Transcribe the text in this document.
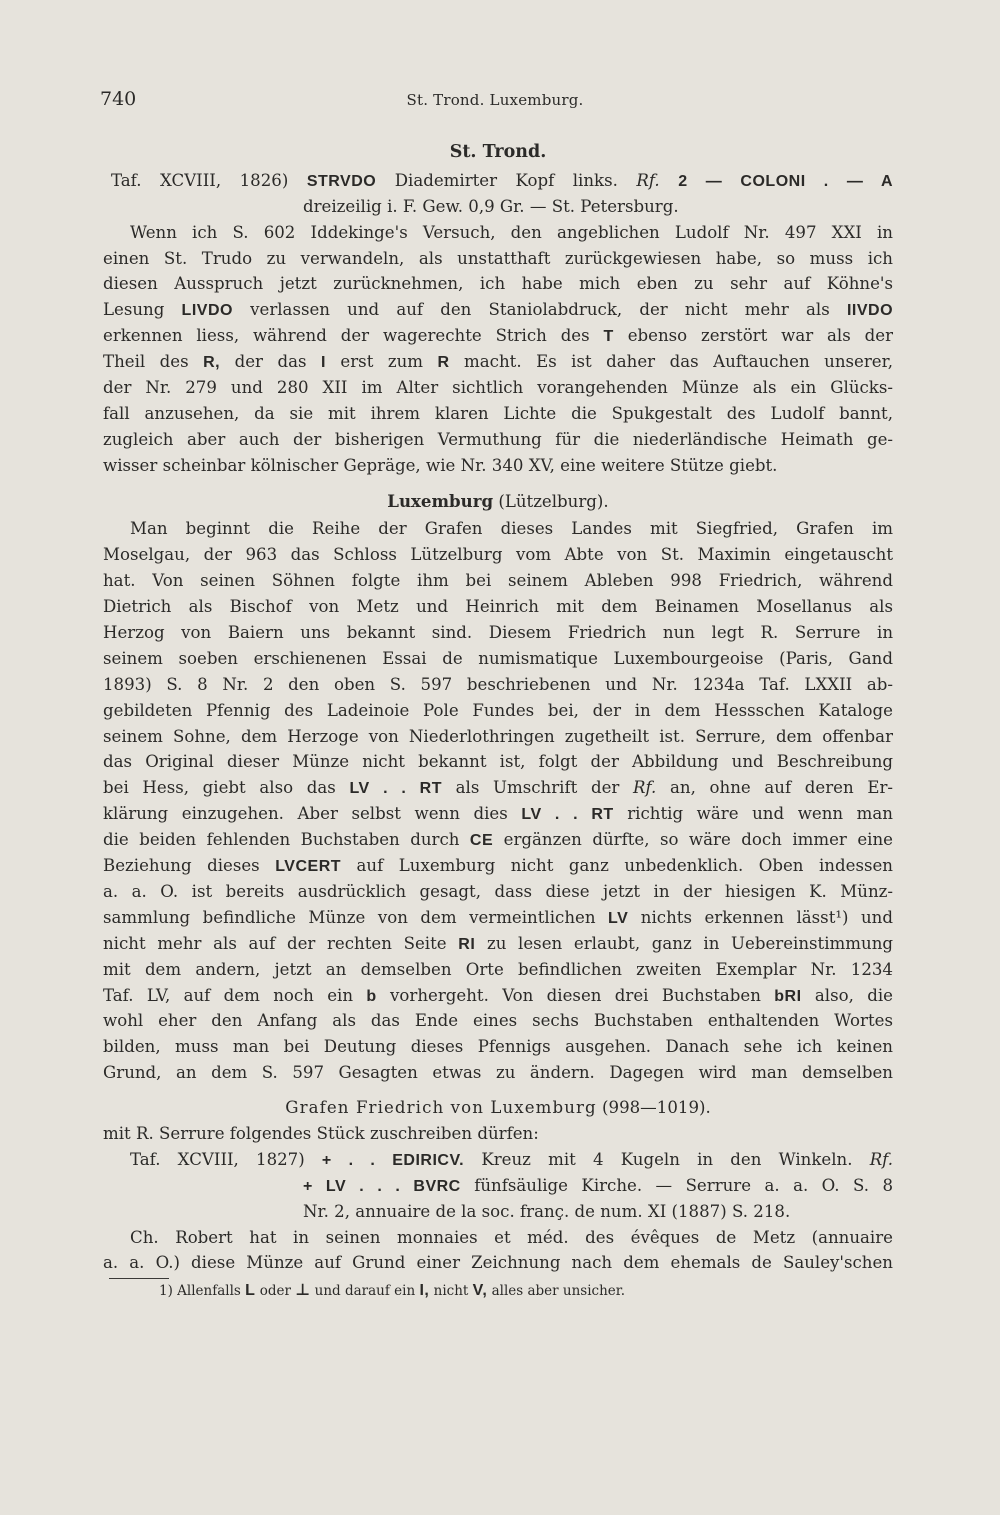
740	St. Trond. Luxemburg.
St. Trond.
Taf. XCVIII, 1826) STRVDO Diademirter Kopf links. Rf. 2 — COLONI . — A
dreizeilig i. F. Gew. 0,9 Gr. — St. Petersburg.
Wenn ich S. 602 Iddekinge's Versuch, den angeblichen Ludolf Nr. 497 XXI in
einen St. Trudo zu verwandeln, als unstatthaft zurückgewiesen habe, so muss ich
diesen Ausspruch jetzt zurücknehmen, ich habe mich eben zu sehr auf Köhne's
Lesung LIVDO verlassen und auf den Staniolabdruck, der nicht mehr als IIVDO
erkennen liess, während der wagerechte Strich des T ebenso zerstört war als der
Theil des R, der das I erst zum R macht. Es ist daher das Auftauchen unserer,
der Nr. 279 und 280 XII im Alter sichtlich vorangehenden Münze als ein Glücks-
fall anzusehen, da sie mit ihrem klaren Lichte die Spukgestalt des Ludolf bannt,
zugleich aber auch der bisherigen Vermuthung für die niederländische Heimath ge-
wisser scheinbar kölnischer Gepräge, wie Nr. 340 XV, eine weitere Stütze giebt.
Luxemburg (Lützelburg).
Man beginnt die Reihe der Grafen dieses Landes mit Siegfried, Grafen im
Moselgau, der 963 das Schloss Lützelburg vom Abte von St. Maximin eingetauscht
hat. Von seinen Söhnen folgte ihm bei seinem Ableben 998 Friedrich, während
Dietrich als Bischof von Metz und Heinrich mit dem Beinamen Mosellanus als
Herzog von Baiern uns bekannt sind. Diesem Friedrich nun legt R. Serrure in
seinem soeben erschienenen Essai de numismatique Luxembourgeoise (Paris, Gand
1893) S. 8 Nr. 2 den oben S. 597 beschriebenen und Nr. 1234a Taf. LXXII ab-
gebildeten Pfennig des Ladeinoie Pole Fundes bei, der in dem Hessschen Kataloge
seinem Sohne, dem Herzoge von Niederlothringen zugetheilt ist. Serrure, dem offenbar
das Original dieser Münze nicht bekannt ist, folgt der Abbildung und Beschreibung
bei Hess, giebt also das LV . . RT als Umschrift der Rf. an, ohne auf deren Er-
klärung einzugehen. Aber selbst wenn dies LV . . RT richtig wäre und wenn man
die beiden fehlenden Buchstaben durch CE ergänzen dürfte, so wäre doch immer eine
Beziehung dieses LVCERT auf Luxemburg nicht ganz unbedenklich. Oben indessen
a. a. O. ist bereits ausdrücklich gesagt, dass diese jetzt in der hiesigen K. Münz-
sammlung befindliche Münze von dem vermeintlichen LV nichts erkennen lässt¹) und
nicht mehr als auf der rechten Seite RI zu lesen erlaubt, ganz in Uebereinstimmung
mit dem andern, jetzt an demselben Orte befindlichen zweiten Exemplar Nr. 1234
Taf. LV, auf dem noch ein b vorhergeht. Von diesen drei Buchstaben bRI also, die
wohl eher den Anfang als das Ende eines sechs Buchstaben enthaltenden Wortes
bilden, muss man bei Deutung dieses Pfennigs ausgehen. Danach sehe ich keinen
Grund, an dem S. 597 Gesagten etwas zu ändern. Dagegen wird man demselben
Grafen Friedrich von Luxemburg (998—1019).
mit R. Serrure folgendes Stück zuschreiben dürfen:
Taf. XCVIII, 1827) + . . EDIRICV. Kreuz mit 4 Kugeln in den Winkeln. Rf.
+ LV . . . BVRC fünfsäulige Kirche. — Serrure a. a. O. S. 8
Nr. 2, annuaire de la soc. franç. de num. XI (1887) S. 218.
Ch. Robert hat in seinen monnaies et méd. des évêques de Metz (annuaire
a. a. O.) diese Münze auf Grund einer Zeichnung nach dem ehemals de Sauley'schen
1) Allenfalls L oder ⊥ und darauf ein I, nicht V, alles aber unsicher.
